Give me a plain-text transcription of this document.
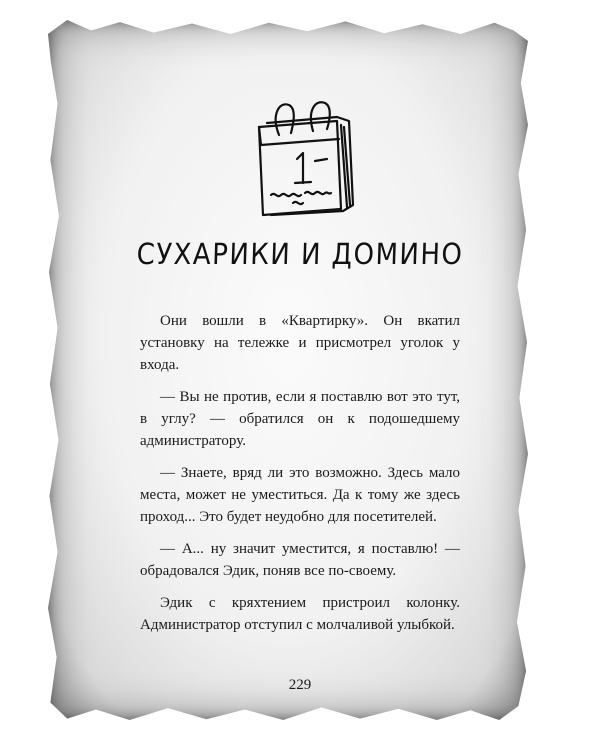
СУХАРИКИ И ДОМИНО

Они вошли в «Квартирку». Он вкатил установку на тележке и присмотрел уголок у входа.

— Вы не против, если я поставлю вот это тут, в углу? — обратился он к подошедшему администратору.

— Знаете, вряд ли это возможно. Здесь мало места, может не уместиться. Да к тому же здесь проход... Это будет неудобно для посетителей.

— А... ну значит уместится, я поставлю! — обрадовался Эдик, поняв все по-своему.

Эдик с кряхтением пристроил колонку. Администратор отступил с молчаливой улыбкой.

229
